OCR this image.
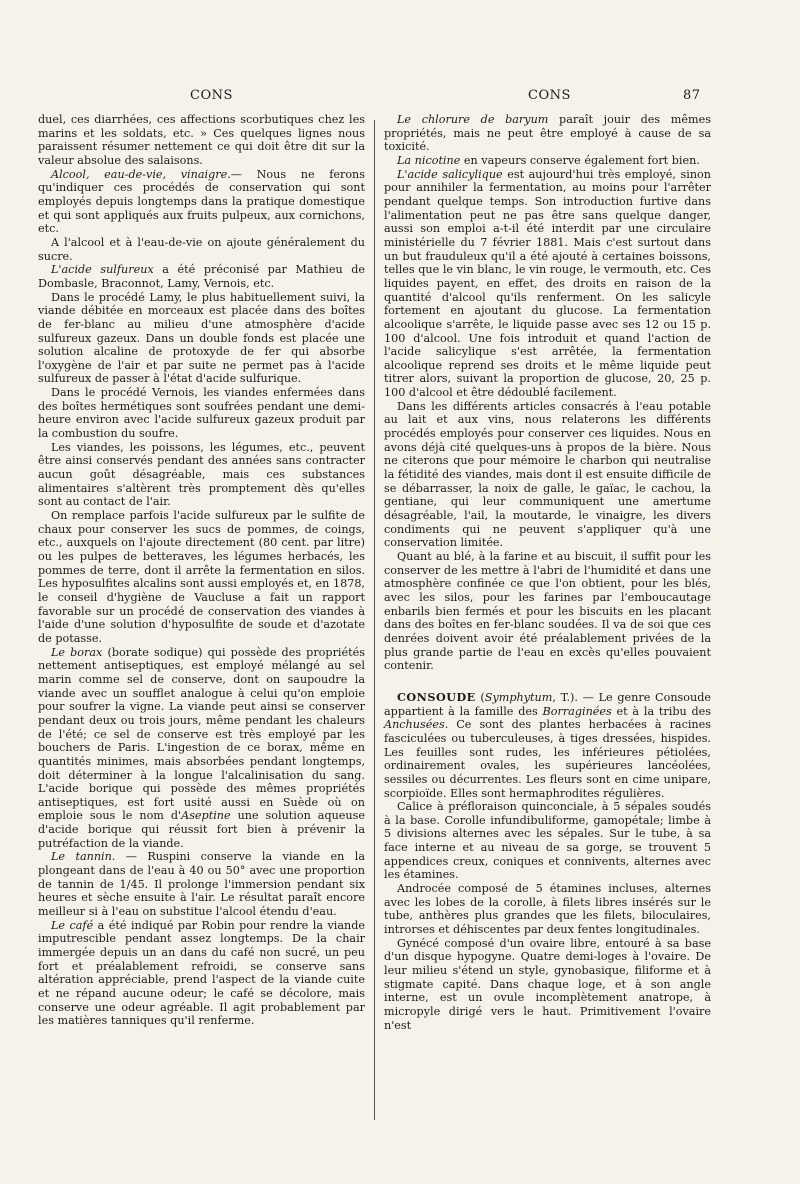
CONS	CONS	87

duel, ces diarrhées, ces affections scorbutiques chez les marins et les soldats, etc. » Ces quelques lignes nous paraissent résumer nettement ce qui doit être dit sur la valeur absolue des salaisons.

Alcool, eau-de-vie, vinaigre.— Nous ne ferons qu'indiquer ces procédés de conservation qui sont employés depuis longtemps dans la pratique domestique et qui sont appliqués aux fruits pulpeux, aux cornichons, etc.

A l'alcool et à l'eau-de-vie on ajoute généralement du sucre.

L'acide sulfureux a été préconisé par Mathieu de Dombasle, Braconnot, Lamy, Vernois, etc.

Dans le procédé Lamy, le plus habituellement suivi, la viande débitée en morceaux est placée dans des boîtes de fer-blanc au milieu d'une atmosphère d'acide sulfureux gazeux. Dans un double fonds est placée une solution alcaline de protoxyde de fer qui absorbe l'oxygène de l'air et par suite ne permet pas à l'acide sulfureux de passer à l'état d'acide sulfurique.

Dans le procédé Vernois, les viandes enfermées dans des boîtes hermétiques sont soufrées pendant une demi-heure environ avec l'acide sulfureux gazeux produit par la combustion du soufre.

Les viandes, les poissons, les légumes, etc., peuvent être ainsi conservés pendant des années sans contracter aucun goût désagréable, mais ces substances alimentaires s'altèrent très promptement dès qu'elles sont au contact de l'air.

On remplace parfois l'acide sulfureux par le sulfite de chaux pour conserver les sucs de pommes, de coings, etc., auxquels on l'ajoute directement (80 cent. par litre) ou les pulpes de betteraves, les légumes herbacés, les pommes de terre, dont il arrête la fermentation en silos. Les hyposulfites alcalins sont aussi employés et, en 1878, le conseil d'hygiène de Vaucluse a fait un rapport favorable sur un procédé de conservation des viandes à l'aide d'une solution d'hyposulfite de soude et d'azotate de potasse.

Le borax (borate sodique) qui possède des propriétés nettement antiseptiques, est employé mélangé au sel marin comme sel de conserve, dont on saupoudre la viande avec un soufflet analogue à celui qu'on emploie pour soufrer la vigne. La viande peut ainsi se conserver pendant deux ou trois jours, même pendant les chaleurs de l'été; ce sel de conserve est très employé par les bouchers de Paris. L'ingestion de ce borax, même en quantités minimes, mais absorbées pendant longtemps, doit déterminer à la longue l'alcalinisation du sang. L'acide borique qui possède des mêmes propriétés antiseptiques, est fort usité aussi en Suède où on emploie sous le nom d'Aseptine une solution aqueuse d'acide borique qui réussit fort bien à prévenir la putréfaction de la viande.

Le tannin. — Ruspini conserve la viande en la plongeant dans de l'eau à 40 ou 50° avec une proportion de tannin de 1/45. Il prolonge l'immersion pendant six heures et sèche ensuite à l'air. Le résultat paraît encore meilleur si à l'eau on substitue l'alcool étendu d'eau.

Le café a été indiqué par Robin pour rendre la viande imputrescible pendant assez longtemps. De la chair immergée depuis un an dans du café non sucré, un peu fort et préalablement refroidi, se conserve sans altération appréciable, prend l'aspect de la viande cuite et ne répand aucune odeur; le café se décolore, mais conserve une odeur agréable. Il agit probablement par les matières tanniques qu'il renferme.

Le chlorure de baryum paraît jouir des mêmes propriétés, mais ne peut être employé à cause de sa toxicité.

La nicotine en vapeurs conserve également fort bien.

L'acide salicylique est aujourd'hui très employé, sinon pour annihiler la fermentation, au moins pour l'arrêter pendant quelque temps. Son introduction furtive dans l'alimentation peut ne pas être sans quelque danger, aussi son emploi a-t-il été interdit par une circulaire ministérielle du 7 février 1881. Mais c'est surtout dans un but frauduleux qu'il a été ajouté à certaines boissons, telles que le vin blanc, le vin rouge, le vermouth, etc. Ces liquides payent, en effet, des droits en raison de la quantité d'alcool qu'ils renferment. On les salicyle fortement en ajoutant du glucose. La fermentation alcoolique s'arrête, le liquide passe avec ses 12 ou 15 p. 100 d'alcool. Une fois introduit et quand l'action de l'acide salicylique s'est arrêtée, la fermentation alcoolique reprend ses droits et le même liquide peut titrer alors, suivant la proportion de glucose, 20, 25 p. 100 d'alcool et être dédoublé facilement.

Dans les différents articles consacrés à l'eau potable au lait et aux vins, nous relaterons les différents procédés employés pour conserver ces liquides. Nous en avons déjà cité quelques-uns à propos de la bière. Nous ne citerons que pour mémoire le charbon qui neutralise la fétidité des viandes, mais dont il est ensuite difficile de se débarrasser, la noix de galle, le gaïac, le cachou, la gentiane, qui leur communiquent une amertume désagréable, l'ail, la moutarde, le vinaigre, les divers condiments qui ne peuvent s'appliquer qu'à une conservation limitée.

Quant au blé, à la farine et au biscuit, il suffit pour les conserver de les mettre à l'abri de l'humidité et dans une atmosphère confinée ce que l'on obtient, pour les blés, avec les silos, pour les farines par l'emboucautage enbarils bien fermés et pour les biscuits en les placant dans des boîtes en fer-blanc soudées. Il va de soi que ces denrées doivent avoir été préalablement privées de la plus grande partie de l'eau en excès qu'elles pouvaient contenir.

CONSOUDE (Symphytum, T.). — Le genre Consoude appartient à la famille des Borraginées et à la tribu des Anchusées. Ce sont des plantes herbacées à racines fasciculées ou tuberculeuses, à tiges dressées, hispides. Les feuilles sont rudes, les inférieures pétiolées, ordinairement ovales, les supérieures lancéolées, sessiles ou décurrentes. Les fleurs sont en cime unipare, scorpioïde. Elles sont hermaphrodites régulières.

Calice à préfloraison quinconciale, à 5 sépales soudés à la base. Corolle infundibuliforme, gamopétale; limbe à 5 divisions alternes avec les sépales. Sur le tube, à sa face interne et au niveau de sa gorge, se trouvent 5 appendices creux, coniques et connivents, alternes avec les étamines.

Androcée composé de 5 étamines incluses, alternes avec les lobes de la corolle, à filets libres insérés sur le tube, anthères plus grandes que les filets, biloculaires, introrses et déhiscentes par deux fentes longitudinales.

Gynécé composé d'un ovaire libre, entouré à sa base d'un disque hypogyne. Quatre demi-loges à l'ovaire. De leur milieu s'étend un style, gynobasique, filiforme et à stigmate capité. Dans chaque loge, et à son angle interne, est un ovule incomplètement anatrope, à micropyle dirigé vers le haut. Primitivement l'ovaire n'est
